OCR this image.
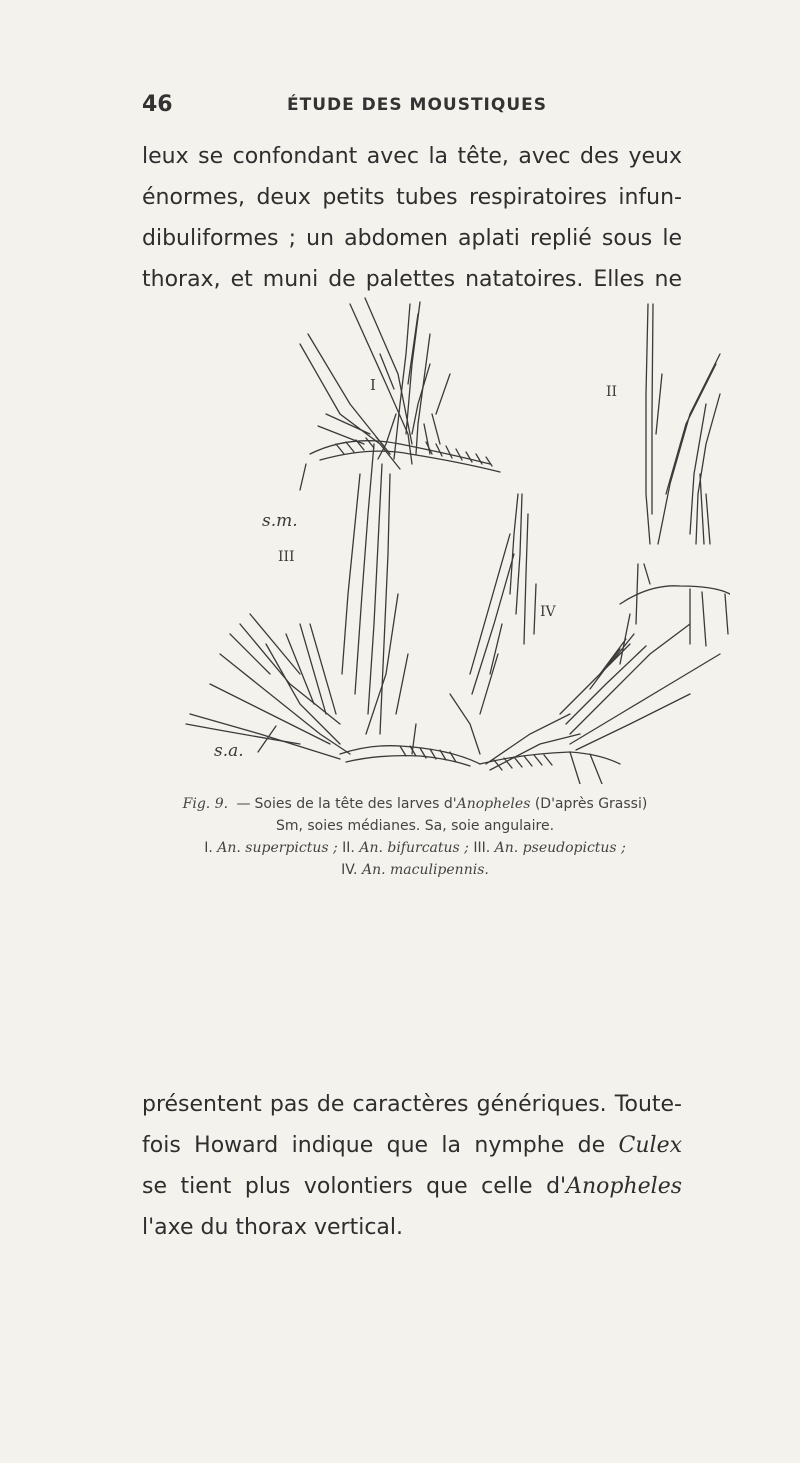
46	ÉTUDE DES MOUSTIQUES

leux se confondant avec la tête, avec des yeux
énormes, deux petits tubes respiratoires infun-
dibuliformes ; un abdomen aplati replié sous le
thorax, et muni de palettes natatoires. Elles ne

I	II
III
IV
s.m.
s.a.
Fig. 9. — Soies de la tête des larves d'Anopheles (D'après Grassi)
Sm, soies médianes. Sa, soie angulaire.
I. An. superpictus ; II. An. bifurcatus ; III. An. pseudopictus ;
IV. An. maculipennis.

présentent pas de caractères génériques. Toute-
fois Howard indique que la nymphe de Culex
se tient plus volontiers que celle d'Anopheles
l'axe du thorax vertical.
